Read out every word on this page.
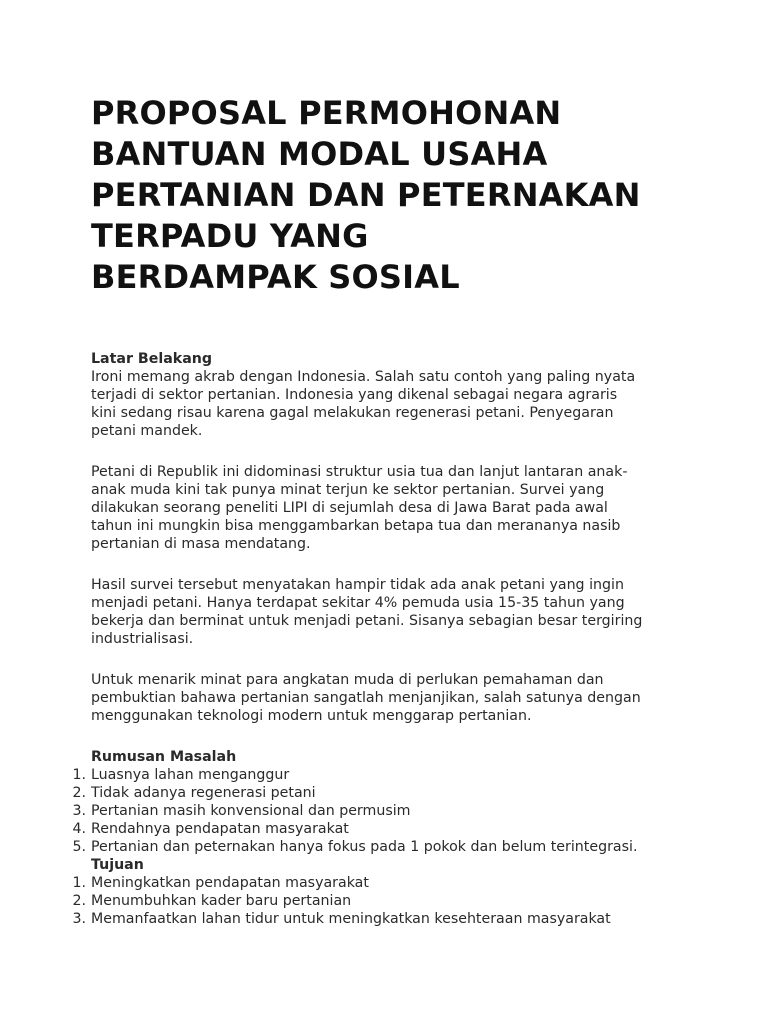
PROPOSAL PERMOHONAN
BANTUAN MODAL USAHA
PERTANIAN DAN PETERNAKAN
TERPADU YANG
BERDAMPAK SOSIAL
Latar Belakang

Ironi memang akrab dengan Indonesia. Salah satu contoh yang paling nyata
terjadi di sektor pertanian. Indonesia yang dikenal sebagai negara agraris
kini sedang risau karena gagal melakukan regenerasi petani. Penyegaran
petani mandek.

Petani di Republik ini didominasi struktur usia tua dan lanjut lantaran anak-
anak muda kini tak punya minat terjun ke sektor pertanian. Survei yang
dilakukan seorang peneliti LIPI di sejumlah desa di Jawa Barat pada awal
tahun ini mungkin bisa menggambarkan betapa tua dan merananya nasib
pertanian di masa mendatang.

Hasil survei tersebut menyatakan hampir tidak ada anak petani yang ingin
menjadi petani. Hanya terdapat sekitar 4% pemuda usia 15-35 tahun yang
bekerja dan berminat untuk menjadi petani. Sisanya sebagian besar tergiring
industrialisasi.

Untuk menarik minat para angkatan muda di perlukan pemahaman dan
pembuktian bahawa pertanian sangatlah menjanjikan, salah satunya dengan
menggunakan teknologi modern untuk menggarap pertanian.

Rumusan Masalah
1. Luasnya lahan menganggur
2. Tidak adanya regenerasi petani
3. Pertanian masih konvensional dan permusim
4. Rendahnya pendapatan masyarakat
5. Pertanian dan peternakan hanya fokus pada 1 pokok dan belum terintegrasi.
Tujuan
1. Meningkatkan pendapatan masyarakat
2. Menumbuhkan kader baru pertanian
3. Memanfaatkan lahan tidur untuk meningkatkan kesehteraan masyarakat
